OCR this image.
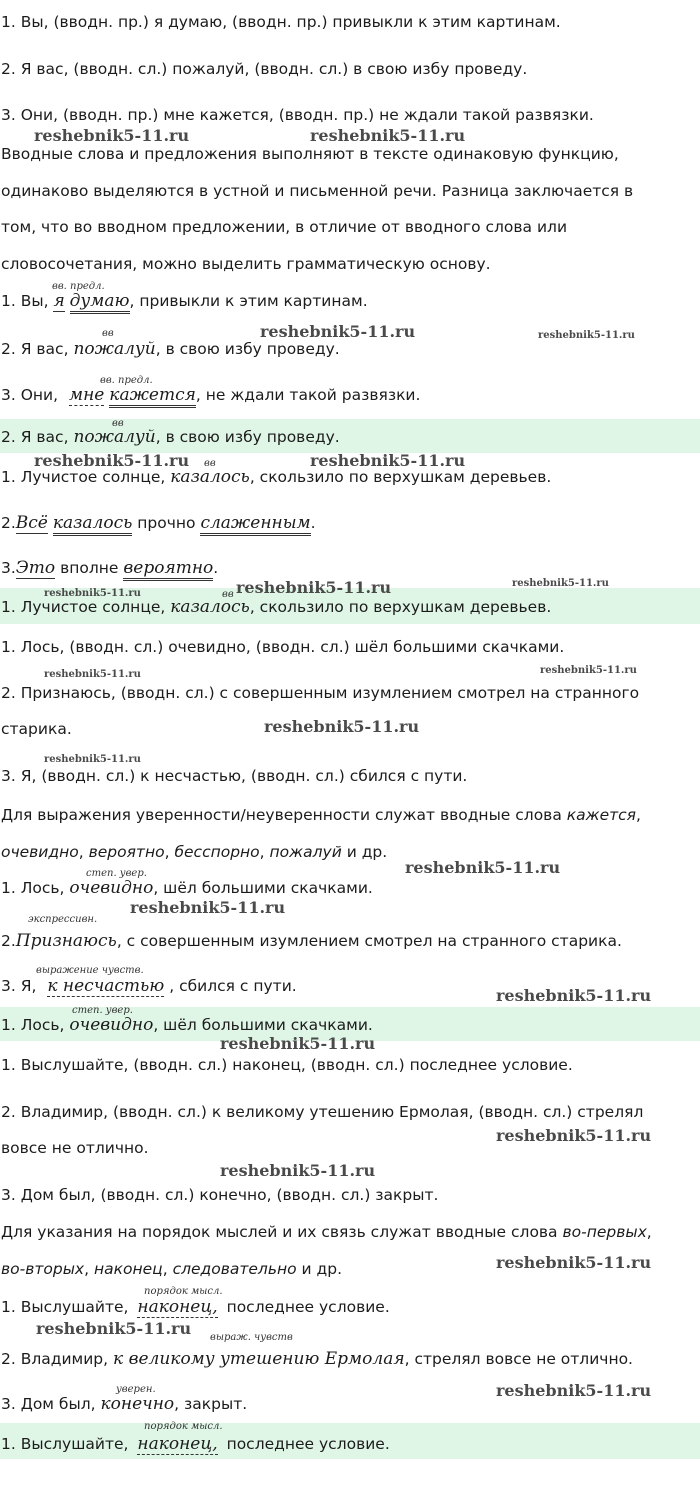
1. Вы, (вводн. пр.) я думаю, (вводн. пр.) привыкли к этим картинам.
2. Я вас, (вводн. сл.) пожалуй, (вводн. сл.) в свою избу проведу.
3. Они, (вводн. пр.) мне кажется, (вводн. пр.) не ждали такой развязки.
Вводные слова и предложения выполняют в тексте одинаковую функцию,
одинаково выделяются в устной и письменной речи. Разница заключается в
том, что во вводном предложении, в отличие от вводного слова или
словосочетания, можно выделить грамматическую основу.
1. Вы, я думаю, привыкли к этим картинам.
вв. предл.
2. Я вас, пожалуй, в свою избу проведу.
вв
3. Они, мне кажется, не ждали такой развязки.
вв. предл.
2. Я вас, пожалуй, в свою избу проведу.
вв
1. Лучистое солнце, казалось, скользило по верхушкам деревьев.
вв
2.Всё казалось прочно слаженным.
3.Это вполне вероятно.
1. Лучистое солнце, казалось, скользило по верхушкам деревьев.
вв
1. Лось, (вводн. сл.) очевидно, (вводн. сл.) шёл большими скачками.
2. Признаюсь, (вводн. сл.) с совершенным изумлением смотрел на странного
старика.
3. Я, (вводн. сл.) к несчастью, (вводн. сл.) сбился с пути.
Для выражения уверенности/неуверенности служат вводные слова кажется,
очевидно, вероятно, бесспорно, пожалуй и др.
1. Лось, очевидно, шёл большими скачками.
степ. увер.
2.Признаюсь, с совершенным изумлением смотрел на странного старика.
экспрессивн.
3. Я, к несчастью , сбился с пути.
выражение чувств.
1. Лось, очевидно, шёл большими скачками.
степ. увер.
1. Выслушайте, (вводн. сл.) наконец, (вводн. сл.) последнее условие.
2. Владимир, (вводн. сл.) к великому утешению Ермолая, (вводн. сл.) стрелял
вовсе не отлично.
3. Дом был, (вводн. сл.) конечно, (вводн. сл.) закрыт.
Для указания на порядок мыслей и их связь служат вводные слова во-первых,
во-вторых, наконец, следовательно и др.
1. Выслушайте, наконец, последнее условие.
порядок мысл.
2. Владимир, к великому утешению Ермолая, стрелял вовсе не отлично.
выраж. чувств
3. Дом был, конечно, закрыт.
уверен.
1. Выслушайте, наконец, последнее условие.
порядок мысл.
reshebnik5-11.ru	reshebnik5-11.ru
reshebnik5-11.ru	reshebnik5-11.ru
reshebnik5-11.ru	reshebnik5-11.ru
reshebnik5-11.ru	reshebnik5-11.ru	reshebnik5-11.ru
reshebnik5-11.ru	reshebnik5-11.ru
reshebnik5-11.ru
reshebnik5-11.ru
reshebnik5-11.ru
reshebnik5-11.ru
reshebnik5-11.ru
reshebnik5-11.ru
reshebnik5-11.ru
reshebnik5-11.ru
reshebnik5-11.ru
reshebnik5-11.ru
reshebnik5-11.ru
